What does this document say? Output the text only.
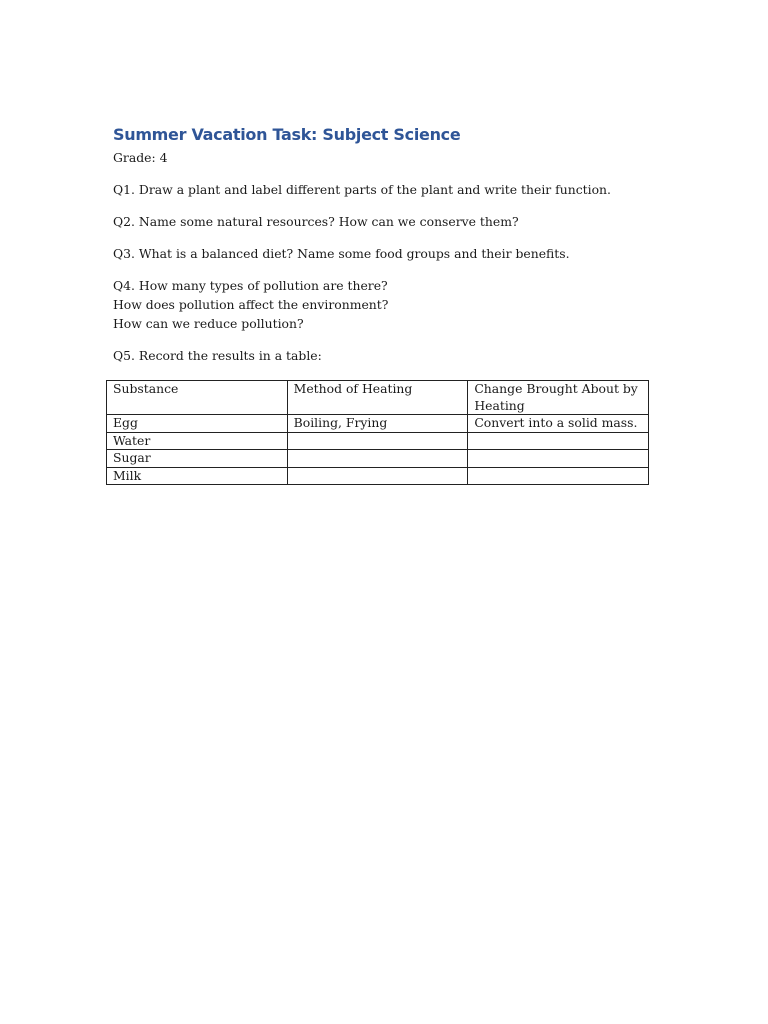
Summer Vacation Task: Subject Science

Grade: 4

Q1. Draw a plant and label different parts of the plant and write their function.

Q2. Name some natural resources? How can we conserve them?

Q3. What is a balanced diet? Name some food groups and their benefits.

Q4. How many types of pollution are there?

How does pollution affect the environment?

How can we reduce pollution?

Q5. Record the results in a table:

Substance	Method of Heating	Change Brought About by Heating
Egg	Boiling, Frying	Convert into a solid mass.
Water		
Sugar		
Milk		
